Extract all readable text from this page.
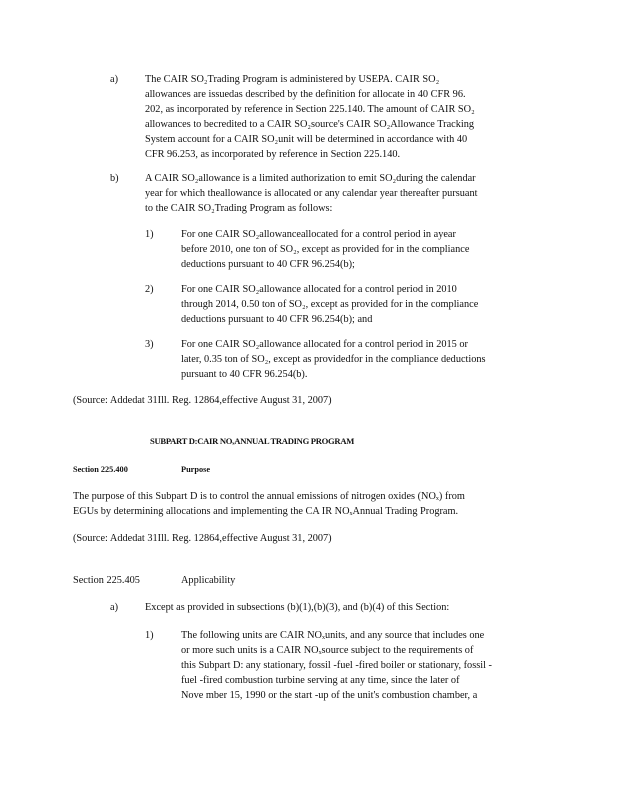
a)	The CAIR SO₂Trading Program is administered by USEPA. CAIR SO₂
allowances are issuedas described by the definition for allocate in 40 CFR 96.
202, as incorporated by reference in Section 225.140. The amount of CAIR SO₂
allowances to becredited to a CAIR SO₂source's CAIR SO₂Allowance Tracking
System account for a CAIR SO₂unit will be determined in accordance with 40
CFR 96.253, as incorporated by reference in Section 225.140.
b)	A CAIR SO₂allowance is a limited authorization to emit SO₂during the calendar
year for which theallowance is allocated or any calendar year thereafter pursuant
to the CAIR SO₂Trading Program as follows:
1)	For one CAIR SO₂allowanceallocated for a control period in ayear
before 2010, one ton of SO₂, except as provided for in the compliance
deductions pursuant to 40 CFR 96.254(b);
2)	For one CAIR SO₂allowance allocated for a control period in 2010
through 2014, 0.50 ton of SO₂, except as provided for in the compliance
deductions pursuant to 40 CFR 96.254(b); and
3)	For one CAIR SO₂allowance allocated for a control period in 2015 or
later, 0.35 ton of SO₂, except as providedfor in the compliance deductions
pursuant to 40 CFR 96.254(b).
(Source: Addedat 31Ill. Reg. 12864,effective August 31, 2007)
SUBPART D:CAIR NOₓANNUAL TRADING PROGRAM
Section 225.400	Purpose
The purpose of this Subpart D is to control the annual emissions of nitrogen oxides (NOₓ) from
EGUs by determining allocations and implementing the CA IR NOₓAnnual Trading Program.
(Source: Addedat 31Ill. Reg. 12864,effective August 31, 2007)
Section 225.405	Applicability
a)	Except as provided in subsections (b)(1),(b)(3), and (b)(4) of this Section:
1)	The following units are CAIR NOₓunits, and any source that includes one
or more such units is a CAIR NOₓsource subject to the requirements of
this Subpart D: any stationary, fossil -fuel -fired boiler or stationary, fossil -
fuel -fired combustion turbine serving at any time, since the later of
Nove mber 15, 1990 or the start -up of the unit's combustion chamber, a
